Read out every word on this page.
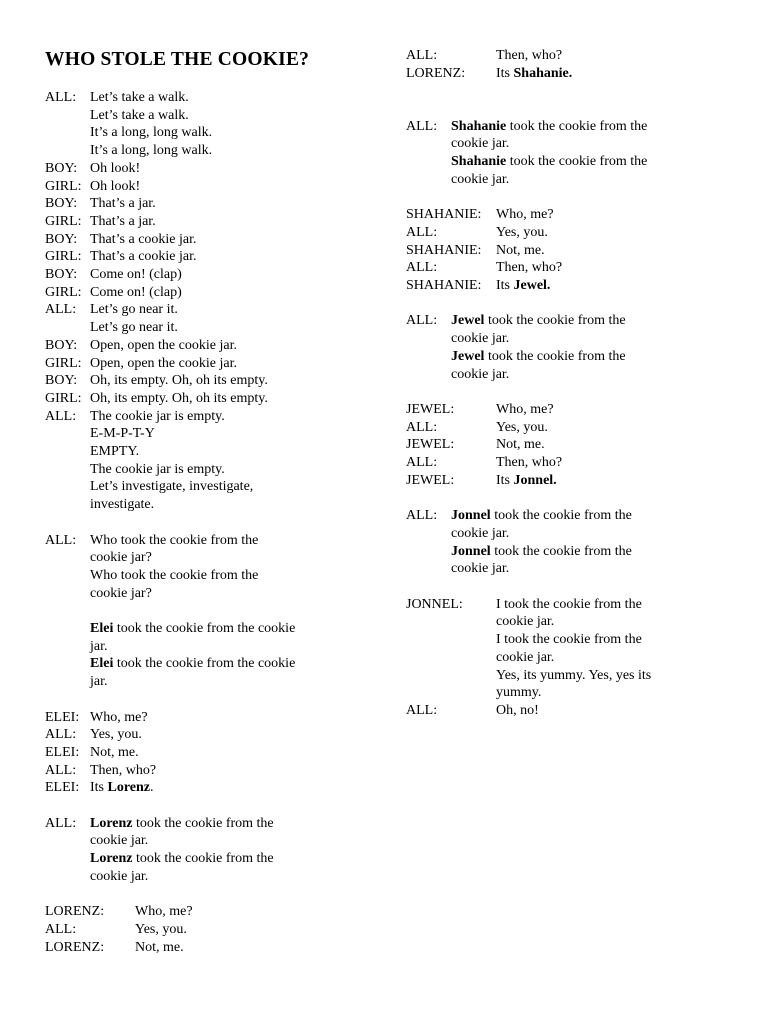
WHO STOLE THE COOKIE?
ALL: Let’s take a walk.
Let’s take a walk.
It’s a long, long walk.
It’s a long, long walk.
BOY: Oh look!
GIRL: Oh look!
BOY: That’s a jar.
GIRL: That’s a jar.
BOY: That’s a cookie jar.
GIRL: That’s a cookie jar.
BOY: Come on! (clap)
GIRL: Come on! (clap)
ALL: Let’s go near it.
Let’s go near it.
BOY: Open, open the cookie jar.
GIRL: Open, open the cookie jar.
BOY: Oh, its empty. Oh, oh its empty.
GIRL: Oh, its empty. Oh, oh its empty.
ALL: The cookie jar is empty.
E-M-P-T-Y
EMPTY.
The cookie jar is empty.
Let’s investigate, investigate,
investigate.
ALL: Who took the cookie from the
cookie jar?
Who took the cookie from the
cookie jar?
Elei took the cookie from the cookie
jar.
Elei took the cookie from the cookie
jar.
ELEI: Who, me?
ALL: Yes, you.
ELEI: Not, me.
ALL: Then, who?
ELEI: Its Lorenz.
ALL: Lorenz took the cookie from the
cookie jar.
Lorenz took the cookie from the
cookie jar.
LORENZ:	Who, me?
ALL:	Yes, you.
LORENZ:	Not, me.
ALL:	Then, who?
LORENZ:	Its Shahanie.
ALL: Shahanie took the cookie from the
cookie jar.
Shahanie took the cookie from the
cookie jar.
SHAHANIE:	Who, me?
ALL:	Yes, you.
SHAHANIE:	Not, me.
ALL:	Then, who?
SHAHANIE:	Its Jewel.
ALL: Jewel took the cookie from the
cookie jar.
Jewel took the cookie from the
cookie jar.
JEWEL:	Who, me?
ALL:	Yes, you.
JEWEL:	Not, me.
ALL:	Then, who?
JEWEL:	Its Jonnel.
ALL: Jonnel took the cookie from the
cookie jar.
Jonnel took the cookie from the
cookie jar.
JONNEL:	I took the cookie from the
cookie jar.
I took the cookie from the
cookie jar.
Yes, its yummy. Yes, yes its
yummy.
ALL:	Oh, no!
